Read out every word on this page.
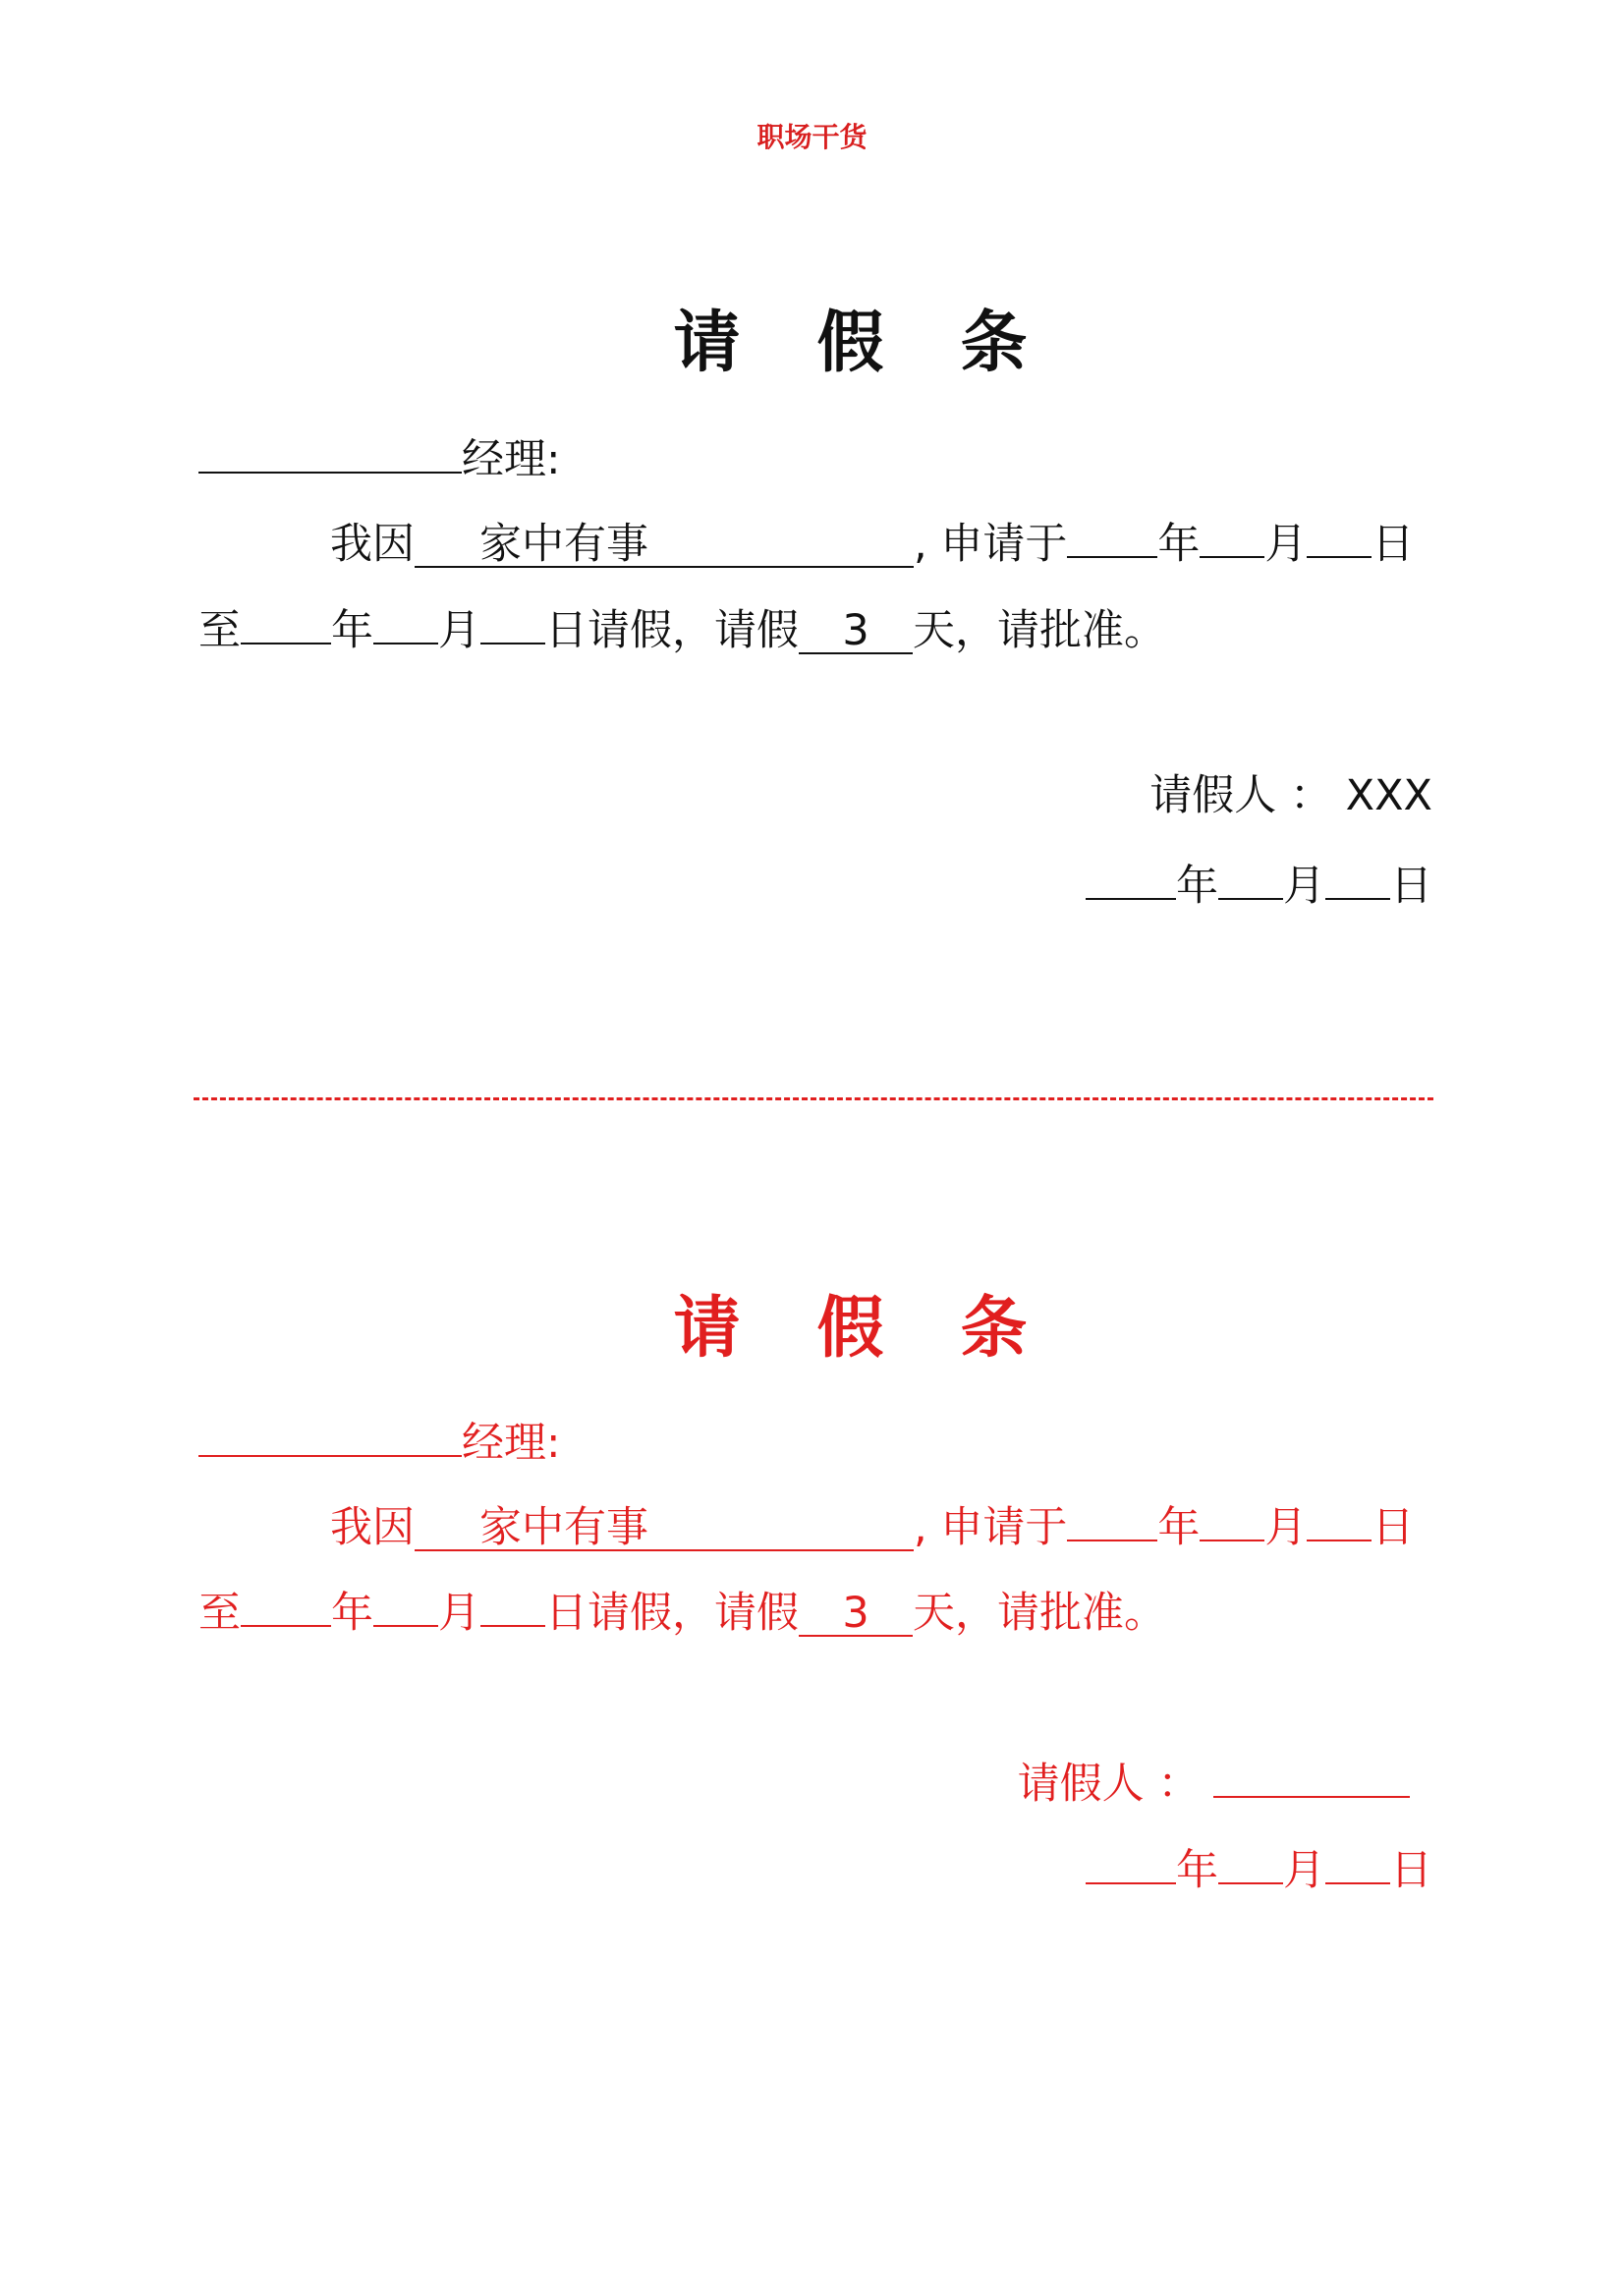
职场干货
请假条
经理:
我因 家中有事	, 申请于 年 月 日
至 年 月 日请假，请假 3 天，请批准。
请假人 ： XXX
年 月 日
请假条
经理:
我因 家中有事	, 申请于 年 月 日
至 年 月 日请假，请假 3 天，请批准。
请假人 ：
年 月 日
